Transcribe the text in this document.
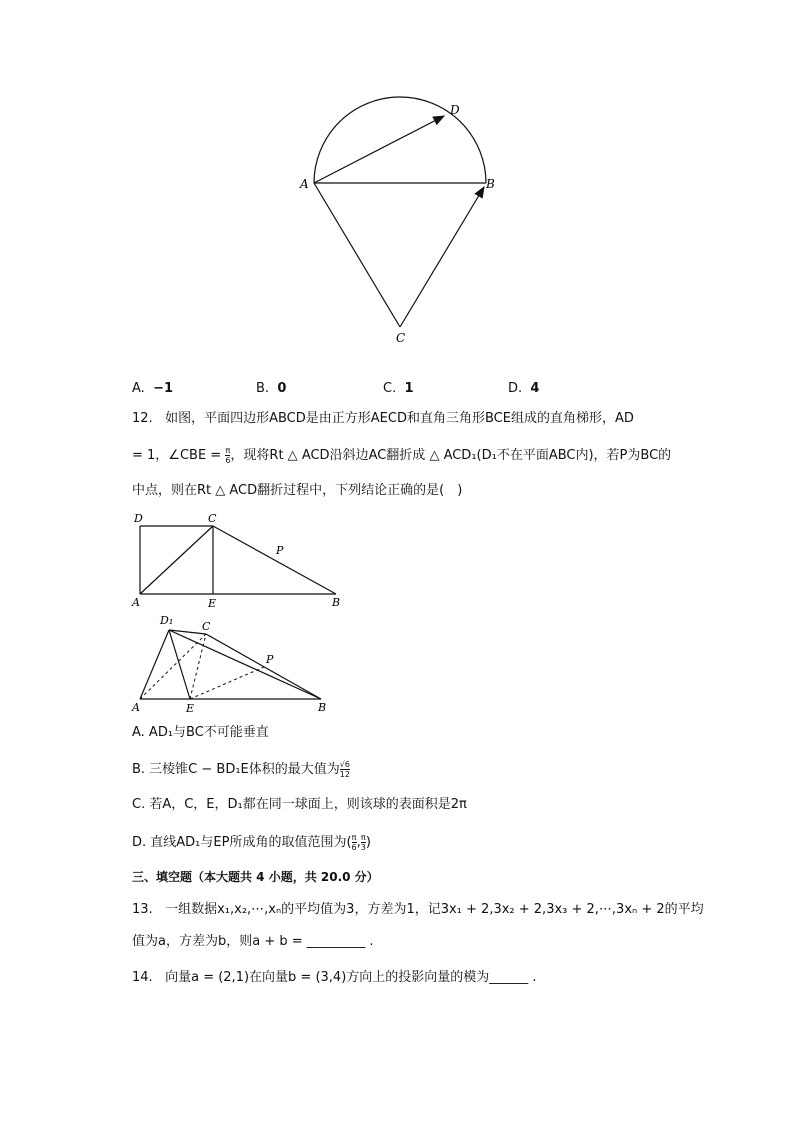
A	B
C
D
A. −1	B. 0	C. 1	D. 4
12. 如图，平面四边形ABCD是由正方形AECD和直角三角形BCE组成的直角梯形，AD
= 1，∠CBE = $\frac{\pi}{6}$ ，现将Rt △ ACD沿斜边AC翻折成 △ ACD₁(D₁不在平面ABC内)，若P为BC的
中点，则在Rt △ ACD翻折过程中，下列结论正确的是(　)
D	C
P
A	E	B
D₁	C
P
A	E	B
A. AD₁与BC不可能垂直
B. 三棱锥C − BD₁E体积的最大值为 $\frac{√6}{12}$
C. 若A，C，E，D₁都在同一球面上，则该球的表面积是2π
D. 直线AD₁与EP所成角的取值范围为( $\frac{\pi}{6}$ , $\frac{\pi}{3}$ )
三、填空题（本大题共 4 小题，共 20.0 分）
13. 一组数据x₁,x₂,⋯,xₙ的平均值为3，方差为1，记3x₁ + 2,3x₂ + 2,3x₃ + 2,⋯,3xₙ + 2的平均
值为a，方差为b，则a + b = _________ .
14. 向量a = (2,1)在向量b = (3,4)方向上的投影向量的模为______ .
